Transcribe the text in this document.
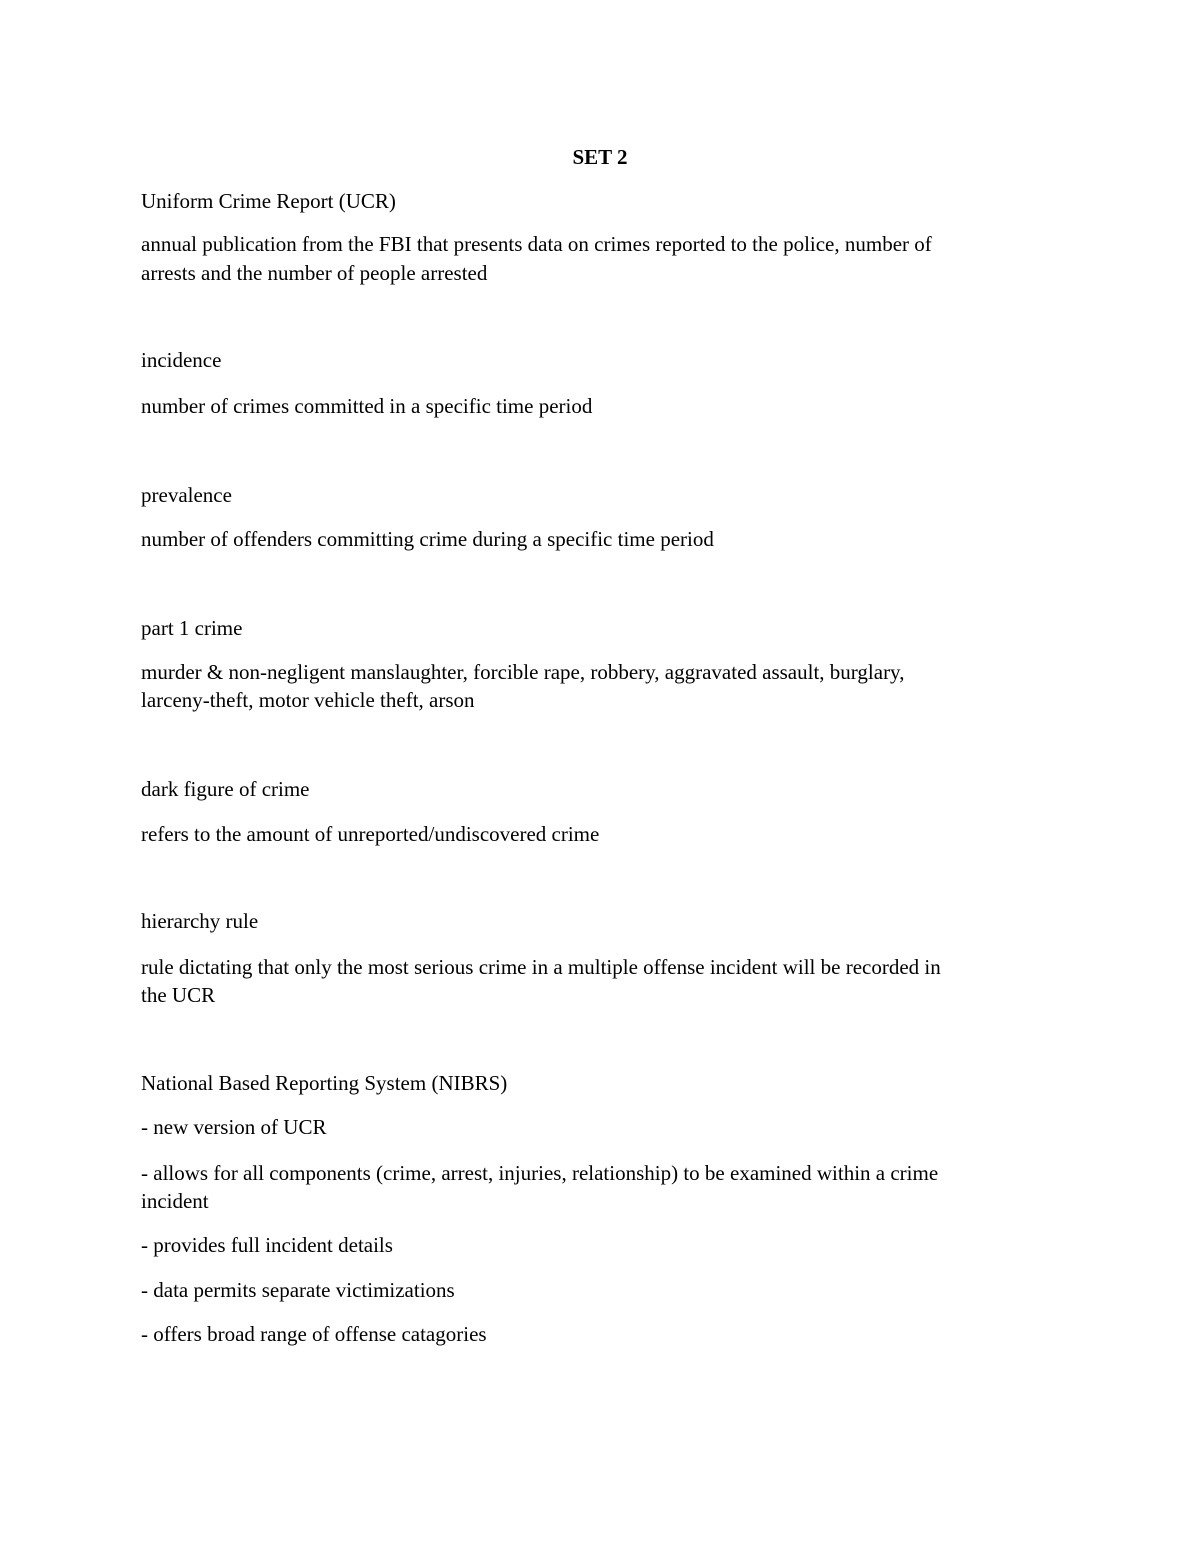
SET 2

Uniform Crime Report (UCR)

annual publication from the FBI that presents data on crimes reported to the police, number of

arrests and the number of people arrested

incidence

number of crimes committed in a specific time period

prevalence

number of offenders committing crime during a specific time period

part 1 crime

murder & non-negligent manslaughter, forcible rape, robbery, aggravated assault, burglary,

larceny-theft, motor vehicle theft, arson

dark figure of crime

refers to the amount of unreported/undiscovered crime

hierarchy rule

rule dictating that only the most serious crime in a multiple offense incident will be recorded in

the UCR

National Based Reporting System (NIBRS)

- new version of UCR

- allows for all components (crime, arrest, injuries, relationship) to be examined within a crime

incident

- provides full incident details

- data permits separate victimizations

- offers broad range of offense catagories
